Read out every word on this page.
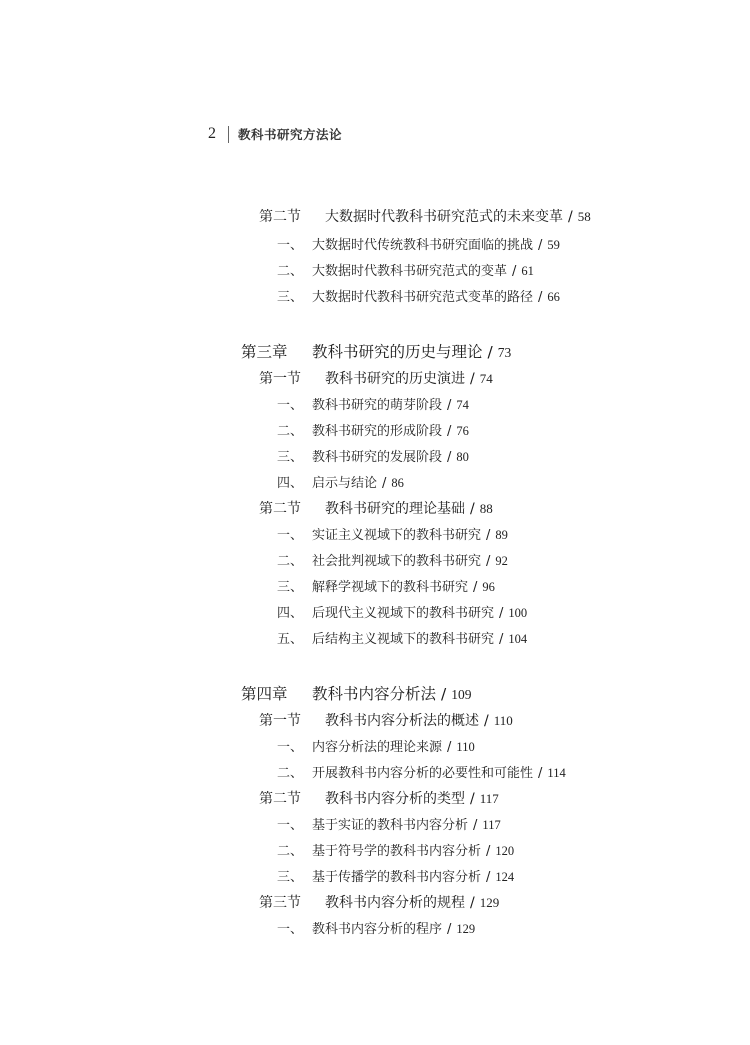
2 教科书研究方法论
第二节	大数据时代教科书研究范式的未来变革 / 58
一、 大数据时代传统教科书研究面临的挑战 / 59
二、 大数据时代教科书研究范式的变革 / 61
三、 大数据时代教科书研究范式变革的路径 / 66
第三章	教科书研究的历史与理论 / 73
第一节	教科书研究的历史演进 / 74
一、 教科书研究的萌芽阶段 / 74
二、 教科书研究的形成阶段 / 76
三、 教科书研究的发展阶段 / 80
四、 启示与结论 / 86
第二节	教科书研究的理论基础 / 88
一、 实证主义视域下的教科书研究 / 89
二、 社会批判视域下的教科书研究 / 92
三、 解释学视域下的教科书研究 / 96
四、 后现代主义视域下的教科书研究 / 100
五、 后结构主义视域下的教科书研究 / 104
第四章	教科书内容分析法 / 109
第一节	教科书内容分析法的概述 / 110
一、 内容分析法的理论来源 / 110
二、 开展教科书内容分析的必要性和可能性 / 114
第二节	教科书内容分析的类型 / 117
一、 基于实证的教科书内容分析 / 117
二、 基于符号学的教科书内容分析 / 120
三、 基于传播学的教科书内容分析 / 124
第三节	教科书内容分析的规程 / 129
一、 教科书内容分析的程序 / 129
